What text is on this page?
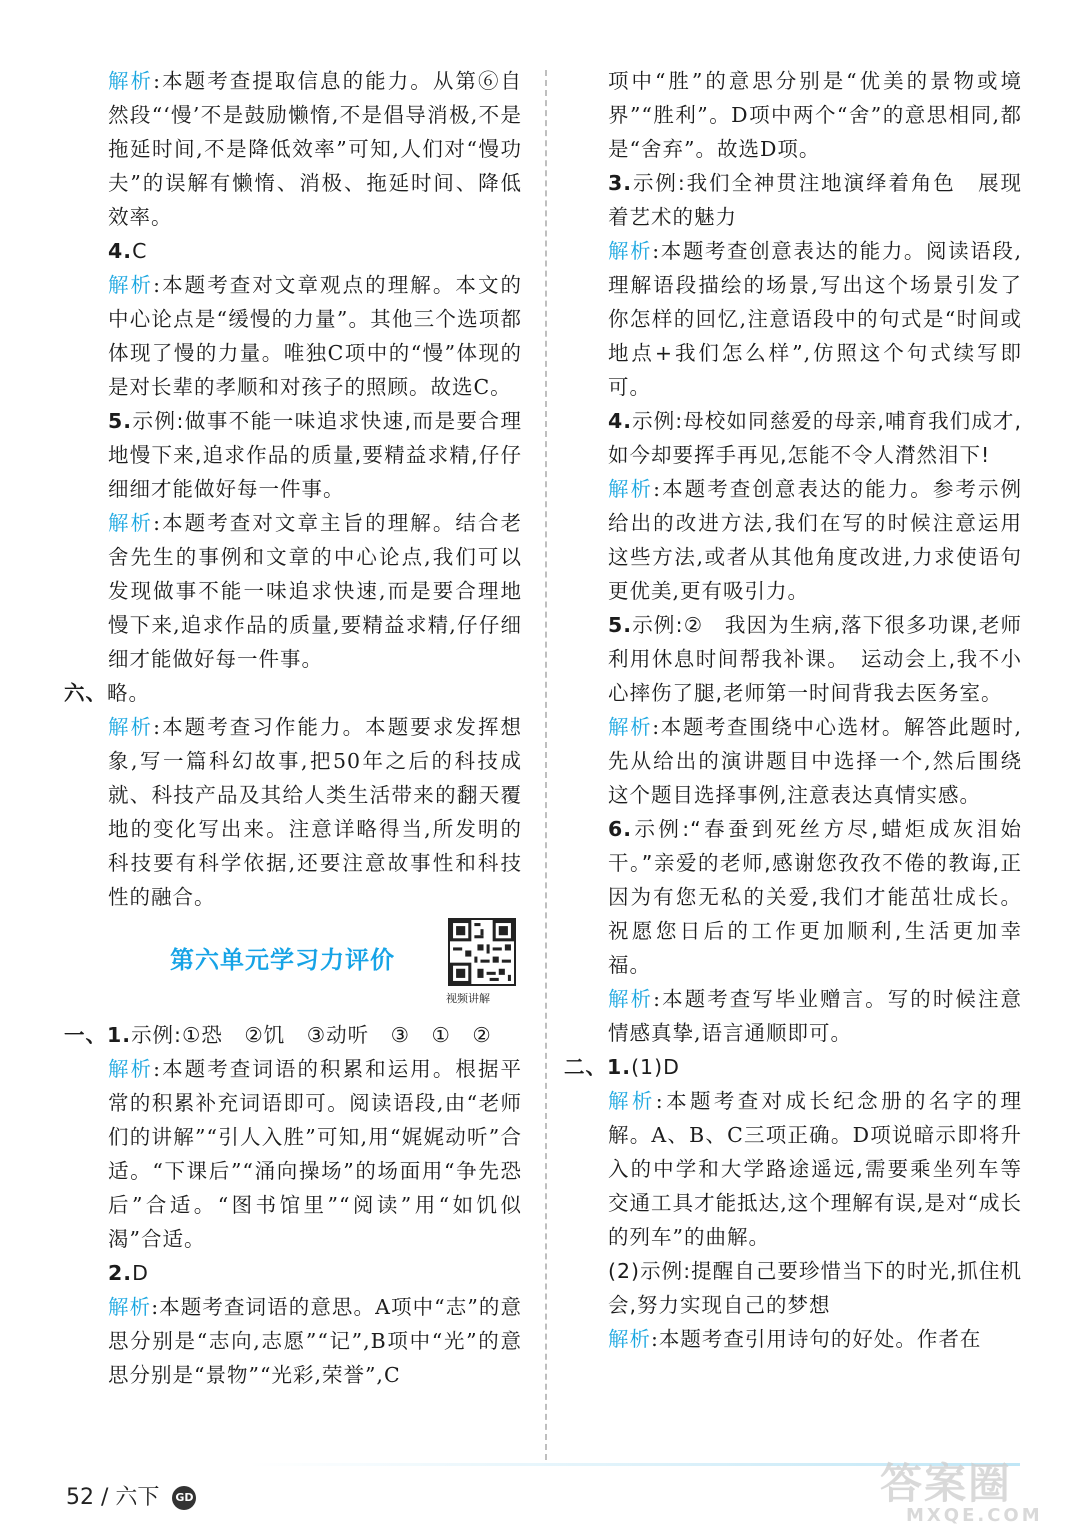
解析:本题考查提取信息的能力。从第⑥自然段“‘慢’不是鼓励懒惰,不是倡导消极,不是拖延时间,不是降低效率”可知,人们对“慢功夫”的误解有懒惰、消极、拖延时间、降低效率。

4.C

解析:本题考查对文章观点的理解。本文的中心论点是“缓慢的力量”。其他三个选项都体现了慢的力量。唯独C项中的“慢”体现的是对长辈的孝顺和对孩子的照顾。故选C。

5.示例:做事不能一味追求快速,而是要合理地慢下来,追求作品的质量,要精益求精,仔仔细细才能做好每一件事。

解析:本题考查对文章主旨的理解。结合老舍先生的事例和文章的中心论点,我们可以发现做事不能一味追求快速,而是要合理地慢下来,追求作品的质量,要精益求精,仔仔细细才能做好每一件事。

六、略。

解析:本题考查习作能力。本题要求发挥想象,写一篇科幻故事,把50年之后的科技成就、科技产品及其给人类生活带来的翻天覆地的变化写出来。注意详略得当,所发明的科技要有科学依据,还要注意故事性和科技性的融合。

第六单元学习力评价
视频讲解

一、1.示例:①恐　②饥　③动听　③　①　②

解析:本题考查词语的积累和运用。根据平常的积累补充词语即可。阅读语段,由“老师们的讲解”“引人入胜”可知,用“娓娓动听”合适。“下课后”“涌向操场”的场面用“争先恐后”合适。“图书馆里”“阅读”用“如饥似渴”合适。

2.D

解析:本题考查词语的意思。A项中“志”的意思分别是“志向,志愿”“记”,B项中“光”的意思分别是“景物”“光彩,荣誉”,C

项中“胜”的意思分别是“优美的景物或境界”“胜利”。D项中两个“舍”的意思相同,都是“舍弃”。故选D项。

3.示例:我们全神贯注地演绎着角色　展现着艺术的魅力

解析:本题考查创意表达的能力。阅读语段,理解语段描绘的场景,写出这个场景引发了你怎样的回忆,注意语段中的句式是“时间或地点+我们怎么样”,仿照这个句式续写即可。

4.示例:母校如同慈爱的母亲,哺育我们成才,如今却要挥手再见,怎能不令人潸然泪下!

解析:本题考查创意表达的能力。参考示例给出的改进方法,我们在写的时候注意运用这些方法,或者从其他角度改进,力求使语句更优美,更有吸引力。

5.示例:②　我因为生病,落下很多功课,老师利用休息时间帮我补课。　运动会上,我不小心摔伤了腿,老师第一时间背我去医务室。

解析:本题考查围绕中心选材。解答此题时,先从给出的演讲题目中选择一个,然后围绕这个题目选择事例,注意表达真情实感。

6.示例:“春蚕到死丝方尽,蜡炬成灰泪始干。”亲爱的老师,感谢您孜孜不倦的教诲,正因为有您无私的关爱,我们才能茁壮成长。祝愿您日后的工作更加顺利,生活更加幸福。

解析:本题考查写毕业赠言。写的时候注意情感真挚,语言通顺即可。

二、1.(1)D

解析:本题考查对成长纪念册的名字的理解。A、B、C三项正确。D项说暗示即将升入的中学和大学路途遥远,需要乘坐列车等交通工具才能抵达,这个理解有误,是对“成长的列车”的曲解。

(2)示例:提醒自己要珍惜当下的时光,抓住机会,努力实现自己的梦想

解析:本题考查引用诗句的好处。作者在

52 / 六下 GD	答案圈
MXQE.COM
